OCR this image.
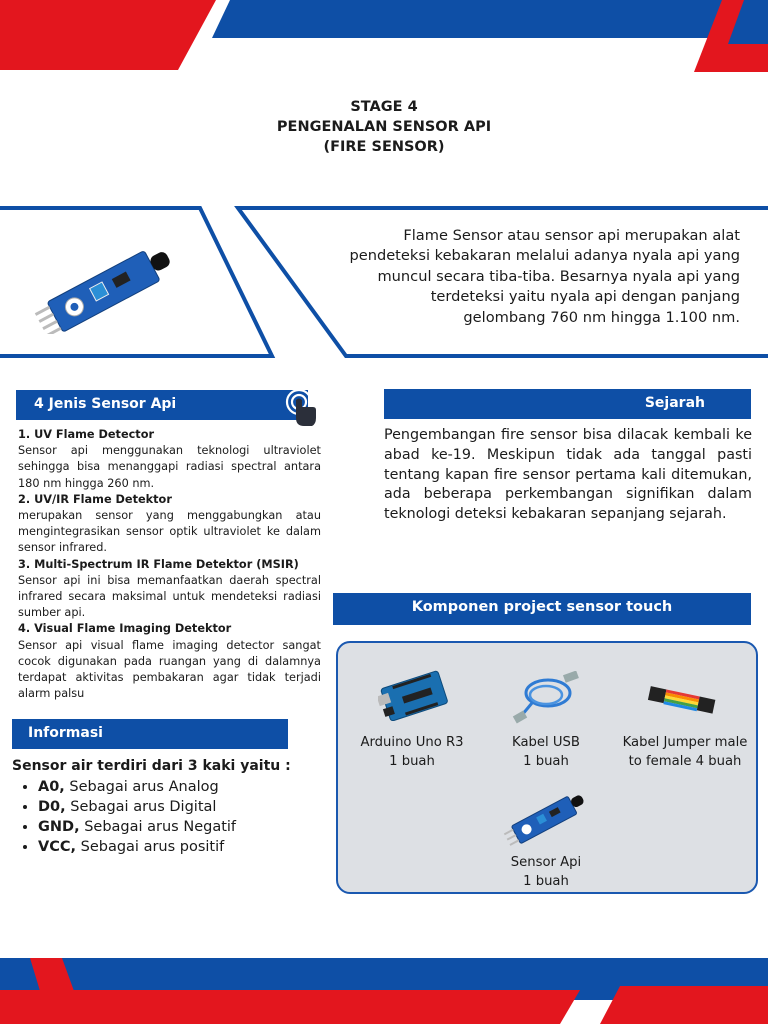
STAGE 4
PENGENALAN SENSOR API
(FIRE SENSOR)
Flame Sensor atau sensor api merupakan alat
pendeteksi kebakaran melalui adanya nyala api yang
muncul secara tiba-tiba. Besarnya nyala api yang
terdeteksi yaitu nyala api dengan panjang
gelombang 760 nm hingga 1.100 nm.
4 Jenis Sensor Api
1. UV Flame Detector
Sensor api menggunakan teknologi ultraviolet sehingga bisa menanggapi radiasi spectral antara 180 nm hingga 260 nm.
2. UV/IR Flame Detektor
merupakan sensor yang menggabungkan atau mengintegrasikan sensor optik ultraviolet ke dalam sensor infrared.
3. Multi-Spectrum IR Flame Detektor (MSIR)
Sensor api ini bisa memanfaatkan daerah spectral infrared secara maksimal untuk mendeteksi radiasi sumber api.
4. Visual Flame Imaging Detektor
Sensor api visual flame imaging detector sangat cocok digunakan pada ruangan yang di dalamnya terdapat aktivitas pembakaran agar tidak terjadi alarm palsu
Informasi
Sensor air terdiri dari 3 kaki yaitu :
• A0, Sebagai arus Analog
• D0, Sebagai arus Digital
• GND, Sebagai arus Negatif
• VCC, Sebagai arus positif
Sejarah
Pengembangan fire sensor bisa dilacak kembali ke abad ke-19. Meskipun tidak ada tanggal pasti tentang kapan fire sensor pertama kali ditemukan, ada beberapa perkembangan signifikan dalam teknologi deteksi kebakaran sepanjang sejarah.
Komponen project sensor touch
Arduino Uno R3
1 buah
Kabel USB
1 buah
Kabel Jumper male
to female 4 buah
Sensor Api
1 buah
